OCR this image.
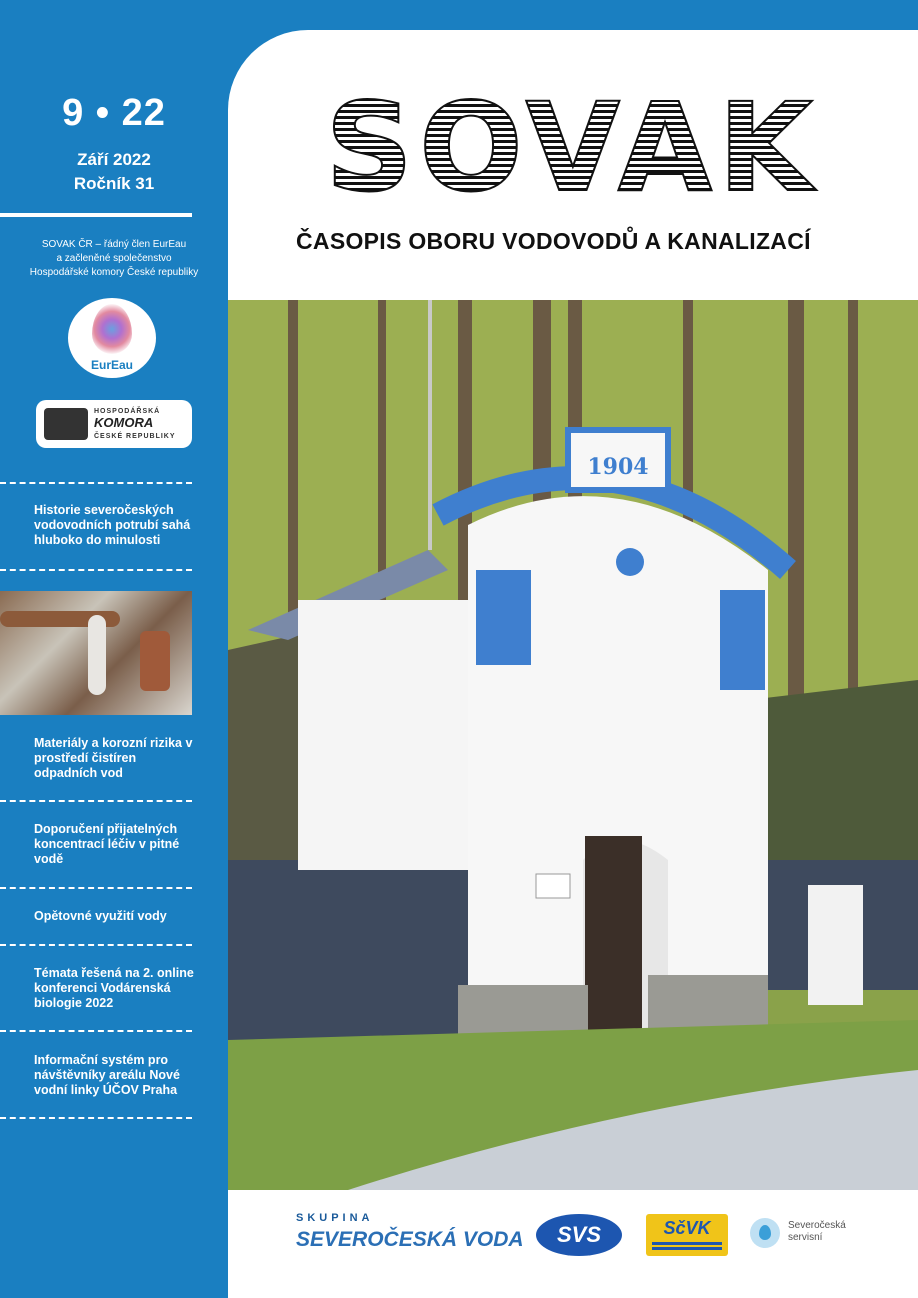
9 • 22
Září 2022
Ročník 31
SOVAK ČR – řádný člen EurEau
a začleněné společenstvo
Hospodářské komory České republiky
EurEau
HOSPODÁŘSKÁ
KOMORA
ČESKÉ REPUBLIKY
Historie severočeských vodovodních potrubí sahá hluboko do minulosti
Materiály a korozní rizika v prostředí čistíren odpadních vod
Doporučení přijatelných koncentrací léčiv v pitné vodě
Opětovné využití vody
Témata řešená na 2. online konferenci Vodárenská biologie 2022
Informační systém pro návštěvníky areálu Nové vodní linky ÚČOV Praha
SOVAK
ČASOPIS OBORU VODOVODŮ A KANALIZACÍ
1904
SKUPINA
SEVEROČESKÁ VODA	SVS	SčVK	Severočeská
servisní
